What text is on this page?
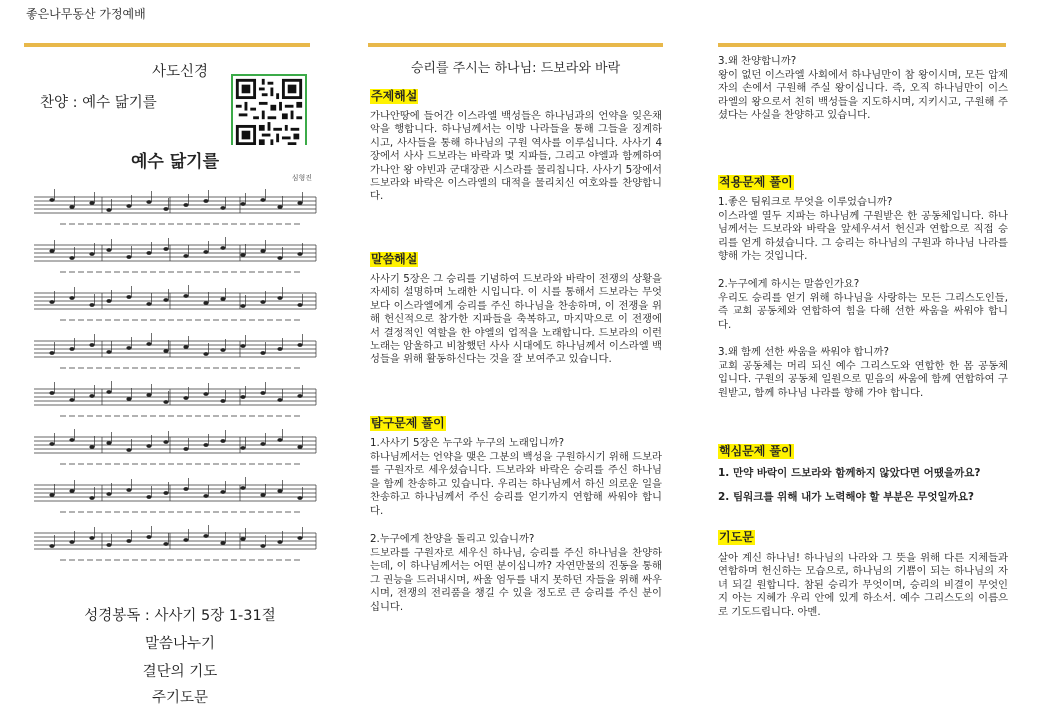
좋은나무동산 가정예배
사도신경
찬양 : 예수 닮기를
예수 닮기를
심형진
성경봉독 : 사사기 5장 1-31절
말씀나누기
결단의 기도
주기도문
승리를 주시는 하나님: 드보라와 바락
주제해설

가나안땅에 들어간 이스라엘 백성들은 하나님과의 언약을 잊은채 악을 행합니다. 하나님께서는 이방 나라들을 통해 그들을 징계하시고, 사사들을 통해 하나님의 구원 역사를 이루십니다. 사사기 4장에서 사사 드보라는 바락과 몇 지파들, 그리고 야엘과 함께하여 가나안 왕 야빈과 군대장관 시스라를 물리칩니다. 사사기 5장에서 드보라와 바락은 이스라엘의 대적을 물리치신 여호와를 찬양합니다.

말씀해설

사사기 5장은 그 승리를 기념하여 드보라와 바락이 전쟁의 상황을 자세히 설명하며 노래한 시입니다. 이 시를 통해서 드보라는 무엇보다 이스라엘에게 승리를 주신 하나님을 찬송하며, 이 전쟁을 위해 헌신적으로 참가한 지파들을 축복하고, 마지막으로 이 전쟁에서 결정적인 역할을 한 야엘의 업적을 노래합니다. 드보라의 이런 노래는 암울하고 비참했던 사사 시대에도 하나님께서 이스라엘 백성들을 위해 활동하신다는 것을 잘 보여주고 있습니다.

탐구문제 풀이

1.사사기 5장은 누구와 누구의 노래입니까?

하나님께서는 언약을 맺은 그분의 백성을 구원하시기 위해 드보라를 구원자로 세우셨습니다. 드보라와 바락은 승리를 주신 하나님을 함께 찬송하고 있습니다. 우리는 하나님께서 하신 의로운 일을 찬송하고 하나님께서 주신 승리를 얻기까지 연합해 싸워야 합니다.

2.누구에게 찬양을 돌리고 있습니까?

드보라를 구원자로 세우신 하나님, 승리를 주신 하나님을 찬양하는데, 이 하나님께서는 어떤 분이십니까? 자연만물의 진동을 통해 그 권능을 드러내시며, 싸울 엄두를 내지 못하던 자들을 위해 싸우시며, 전쟁의 전리품을 챙길 수 있을 정도로 큰 승리를 주신 분이십니다.

3.왜 찬양합니까?

왕이 없던 이스라엘 사회에서 하나님만이 참 왕이시며, 모든 압제자의 손에서 구원해 주실 왕이십니다. 즉, 오직 하나님만이 이스라엘의 왕으로서 친히 백성들을 지도하시며, 지키시고, 구원해 주셨다는 사실을 찬양하고 있습니다.

적용문제 풀이

1.좋은 팀워크로 무엇을 이루었습니까?

이스라엘 열두 지파는 하나님께 구원받은 한 공동체입니다. 하나님께서는 드보라와 바락을 앞세우셔서 헌신과 연합으로 직접 승리를 얻게 하셨습니다. 그 승리는 하나님의 구원과 하나님 나라를 향해 가는 것입니다.

2.누구에게 하시는 말씀인가요?

우리도 승리를 얻기 위해 하나님을 사랑하는 모든 그리스도인들, 즉 교회 공동체와 연합하여 힘을 다해 선한 싸움을 싸워야 합니다.

3.왜 함께 선한 싸움을 싸워야 합니까?

교회 공동체는 머리 되신 예수 그리스도와 연합한 한 몸 공동체 입니다. 구원의 공동체 일원으로 믿음의 싸움에 함께 연합하여 구원받고, 함께 하나님 나라를 향해 가야 합니다.

핵심문제 풀이

1. 만약 바락이 드보라와 함께하지 않았다면 어땠을까요?

2. 팀워크를 위해 내가 노력해야 할 부분은 무엇일까요?

기도문

살아 계신 하나님! 하나님의 나라와 그 뜻을 위해 다른 지체들과 연합하며 헌신하는 모습으로, 하나님의 기쁨이 되는 하나님의 자녀 되길 원합니다. 참된 승리가 무엇이며, 승리의 비결이 무엇인지 아는 지혜가 우리 안에 있게 하소서. 예수 그리스도의 이름으로 기도드립니다. 아멘.
